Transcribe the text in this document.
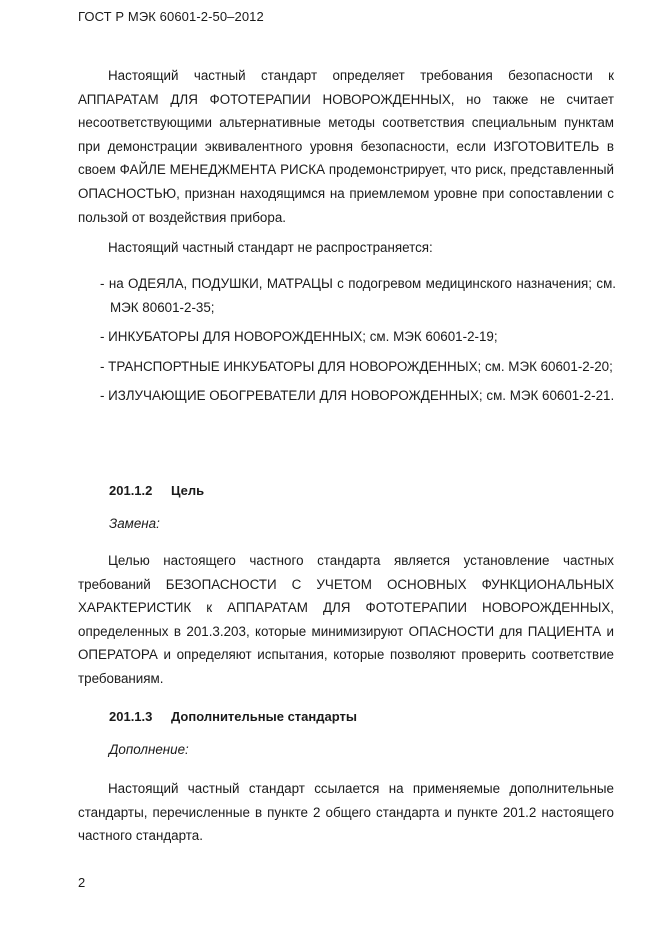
ГОСТ Р МЭК 60601-2-50–2012

Настоящий частный стандарт определяет требования безопасности к АППАРАТАМ ДЛЯ ФОТОТЕРАПИИ НОВОРОЖДЕННЫХ, но также не считает несоответствующими альтернативные методы соответствия специальным пунктам при демонстрации эквивалентного уровня безопасности, если ИЗГОТОВИТЕЛЬ в своем ФАЙЛЕ МЕНЕДЖМЕНТА РИСКА продемонстрирует, что риск, представленный ОПАСНОСТЬЮ, признан находящимся на приемлемом уровне при сопоставлении с пользой от воздействия прибора.

Настоящий частный стандарт не распространяется:

- на ОДЕЯЛА, ПОДУШКИ, МАТРАЦЫ с подогревом медицинского назначения; см. МЭК 80601-2-35;
- ИНКУБАТОРЫ ДЛЯ НОВОРОЖДЕННЫХ; см. МЭК 60601-2-19;
- ТРАНСПОРТНЫЕ ИНКУБАТОРЫ ДЛЯ НОВОРОЖДЕННЫХ; см. МЭК 60601-2-20;
- ИЗЛУЧАЮЩИЕ ОБОГРЕВАТЕЛИ ДЛЯ НОВОРОЖДЕННЫХ; см. МЭК 60601-2-21.
201.1.2 Цель
Замена:

Целью настоящего частного стандарта является установление частных требований БЕЗОПАСНОСТИ С УЧЕТОМ ОСНОВНЫХ ФУНКЦИОНАЛЬНЫХ ХАРАКТЕРИСТИК к АППАРАТАМ ДЛЯ ФОТОТЕРАПИИ НОВОРОЖДЕННЫХ, определенных в 201.3.203, которые минимизируют ОПАСНОСТИ для ПАЦИЕНТА и ОПЕРАТОРА и определяют испытания, которые позволяют проверить соответствие требованиям.

201.1.3 Дополнительные стандарты
Дополнение:

Настоящий частный стандарт ссылается на применяемые дополнительные стандарты, перечисленные в пункте 2 общего стандарта и пункте 201.2 настоящего частного стандарта.

2
